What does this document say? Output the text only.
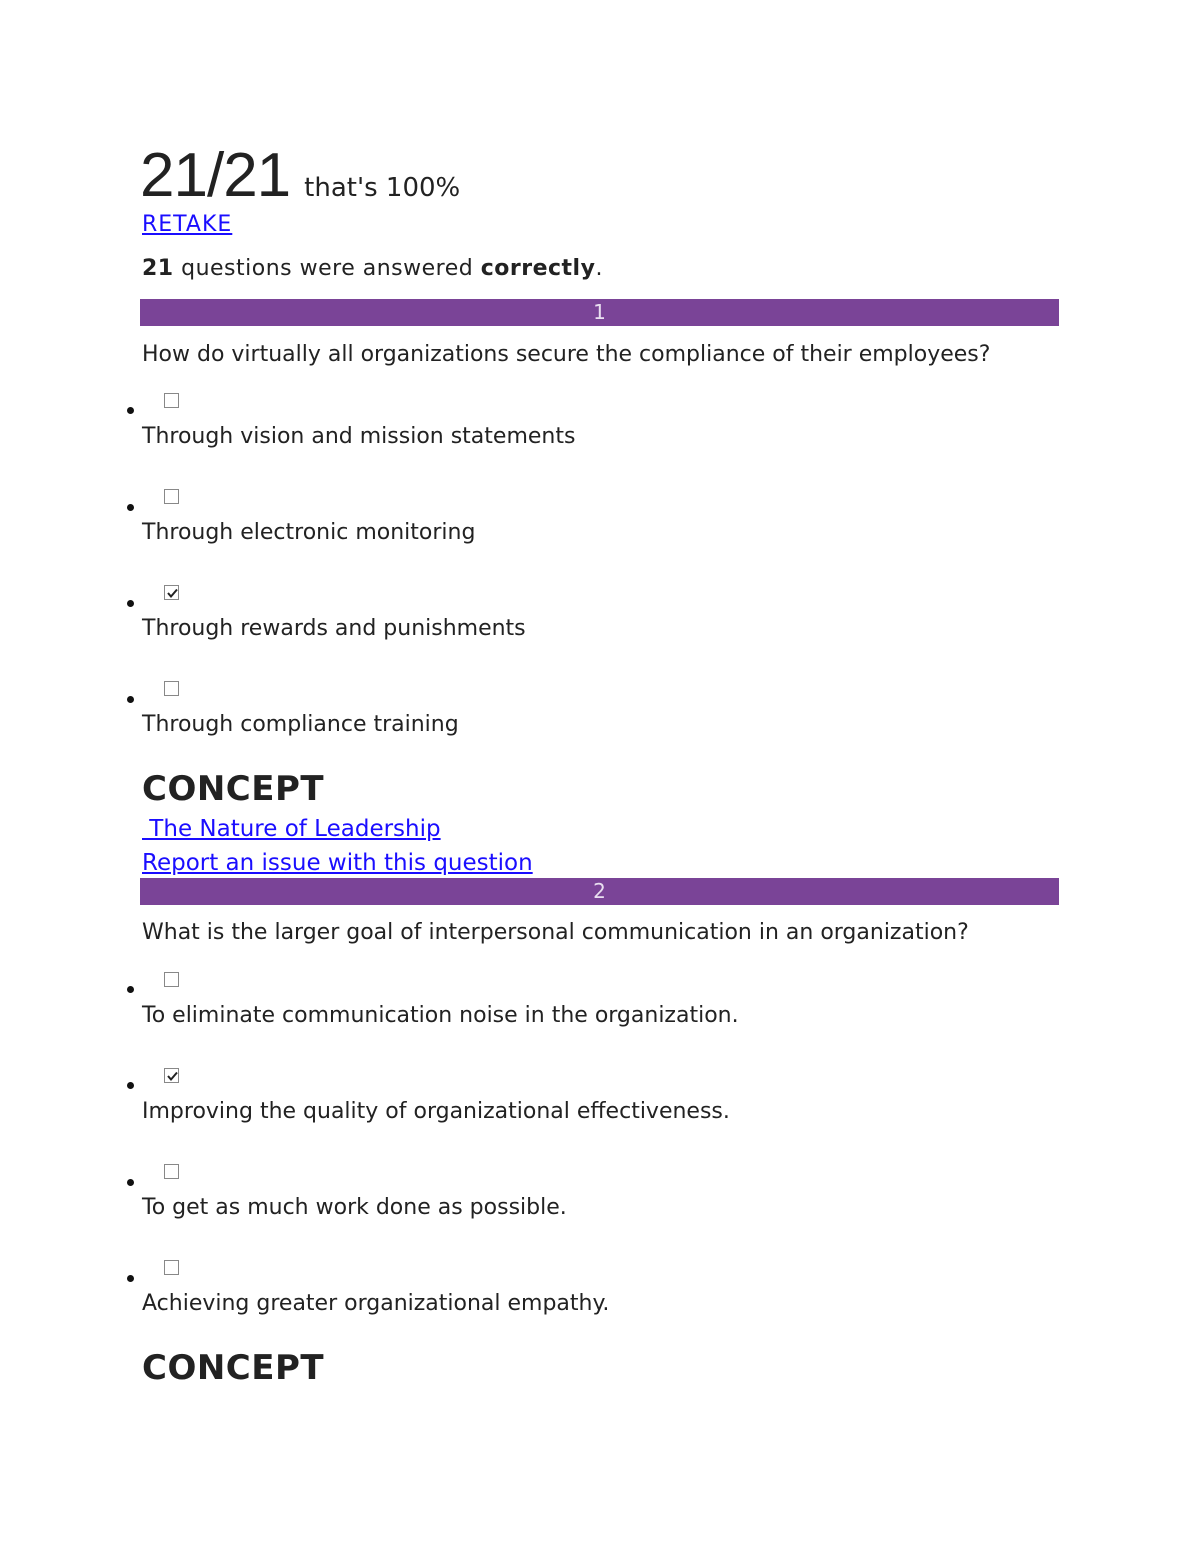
21/21 that's 100%
RETAKE
21 questions were answered correctly.
1
How do virtually all organizations secure the compliance of their employees?
Through vision and mission statements
Through electronic monitoring
Through rewards and punishments
Through compliance training
CONCEPT
The Nature of Leadership
Report an issue with this question
2
What is the larger goal of interpersonal communication in an organization?
To eliminate communication noise in the organization.
Improving the quality of organizational effectiveness.
To get as much work done as possible.
Achieving greater organizational empathy.
CONCEPT
